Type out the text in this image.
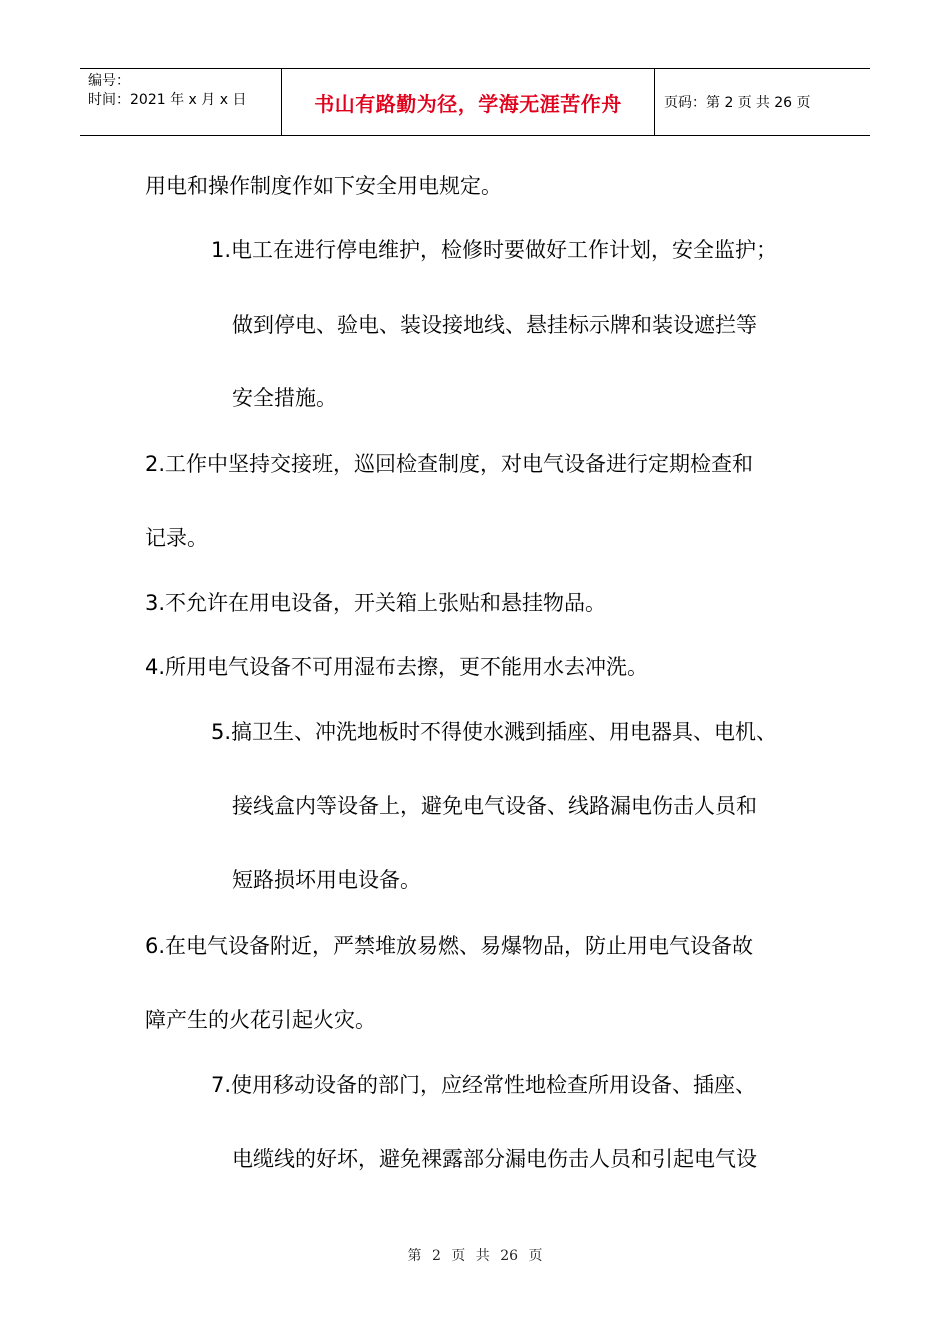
编号：
时间：2021 年 x 月 x 日	书山有路勤为径，学海无涯苦作舟	页码：第 2 页 共 26 页
用电和操作制度作如下安全用电规定。
1.电工在进行停电维护，检修时要做好工作计划，安全监护；
做到停电、验电、装设接地线、悬挂标示牌和装设遮拦等
安全措施。
2.工作中坚持交接班，巡回检查制度，对电气设备进行定期检查和
记录。
3.不允许在用电设备，开关箱上张贴和悬挂物品。
4.所用电气设备不可用湿布去擦，更不能用水去冲洗。
5.搞卫生、冲洗地板时不得使水溅到插座、用电器具、电机、
接线盒内等设备上，避免电气设备、线路漏电伤击人员和
短路损坏用电设备。
6.在电气设备附近，严禁堆放易燃、易爆物品，防止用电气设备故
障产生的火花引起火灾。
7.使用移动设备的部门，应经常性地检查所用设备、插座、
电缆线的好坏，避免裸露部分漏电伤击人员和引起电气设
第 2 页 共 26 页
